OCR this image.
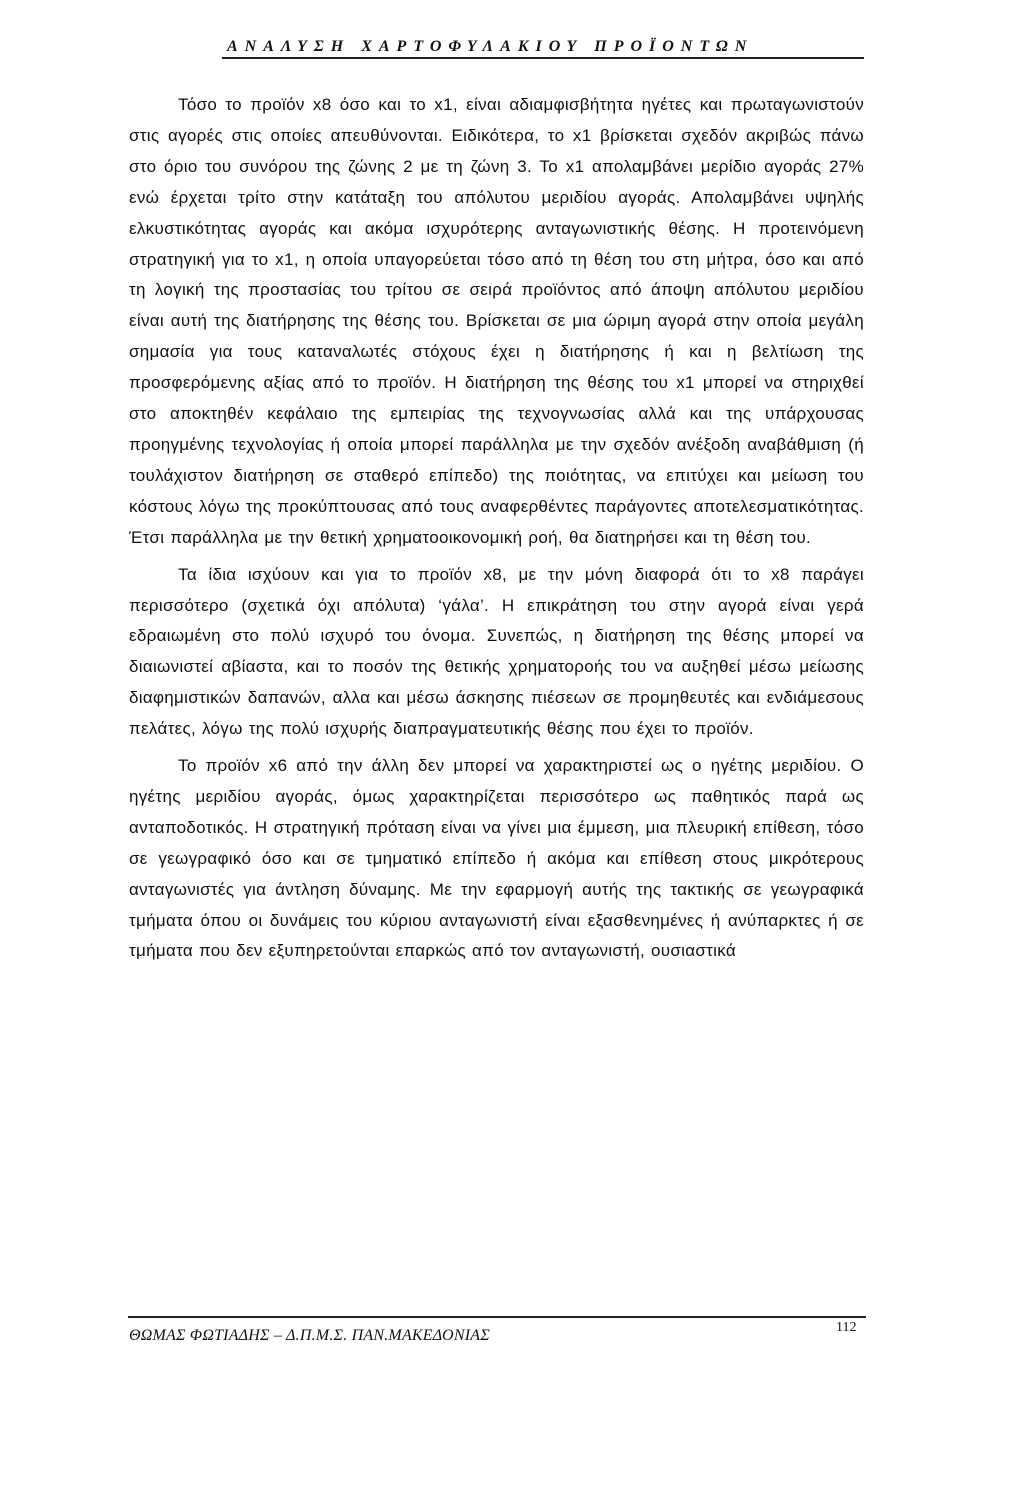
ΑΝΑΛΥΣΗ ΧΑΡΤΟΦΥΛΑΚΙΟΥ ΠΡΟΪΟΝΤΩΝ

Τόσο το προϊόν x8 όσο και το x1, είναι αδιαμφισβήτητα ηγέτες και πρωταγωνιστούν στις αγορές στις οποίες απευθύνονται. Ειδικότερα, το x1 βρίσκεται σχεδόν ακριβώς πάνω στο όριο του συνόρου της ζώνης 2 με τη ζώνη 3. Το x1 απολαμβάνει μερίδιο αγοράς 27% ενώ έρχεται τρίτο στην κατάταξη του απόλυτου μεριδίου αγοράς. Απολαμβάνει υψηλής ελκυστικότητας αγοράς και ακόμα ισχυρότερης ανταγωνιστικής θέσης. Η προτεινόμενη στρατηγική για το x1, η οποία υπαγορεύεται τόσο από τη θέση του στη μήτρα, όσο και από τη λογική της προστασίας του τρίτου σε σειρά προϊόντος από άποψη απόλυτου μεριδίου είναι αυτή της διατήρησης της θέσης του. Βρίσκεται σε μια ώριμη αγορά στην οποία μεγάλη σημασία για τους καταναλωτές στόχους έχει η διατήρησης ή και η βελτίωση της προσφερόμενης αξίας από το προϊόν. Η διατήρηση της θέσης του x1 μπορεί να στηριχθεί στο αποκτηθέν κεφάλαιο της εμπειρίας της τεχνογνωσίας αλλά και της υπάρχουσας προηγμένης τεχνολογίας ή οποία μπορεί παράλληλα με την σχεδόν ανέξοδη αναβάθμιση (ή τουλάχιστον διατήρηση σε σταθερό επίπεδο) της ποιότητας, να επιτύχει και μείωση του κόστους λόγω της προκύπτουσας από τους αναφερθέντες παράγοντες αποτελεσματικότητας. Έτσι παράλληλα με την θετική χρηματοοικονομική ροή, θα διατηρήσει και τη θέση του.

Τα ίδια ισχύουν και για το προϊόν x8, με την μόνη διαφορά ότι το x8 παράγει περισσότερο (σχετικά όχι απόλυτα) ‘γάλα’. Η επικράτηση του στην αγορά είναι γερά εδραιωμένη στο πολύ ισχυρό του όνομα. Συνεπώς, η διατήρηση της θέσης μπορεί να διαιωνιστεί αβίαστα, και το ποσόν της θετικής χρηματοροής του να αυξηθεί μέσω μείωσης διαφημιστικών δαπανών, αλλα και μέσω άσκησης πιέσεων σε προμηθευτές και ενδιάμεσους πελάτες, λόγω της πολύ ισχυρής διαπραγματευτικής θέσης που έχει το προϊόν.

Το προϊόν x6 από την άλλη δεν μπορεί να χαρακτηριστεί ως ο ηγέτης μεριδίου. Ο ηγέτης μεριδίου αγοράς, όμως χαρακτηρίζεται περισσότερο ως παθητικός παρά ως ανταποδοτικός. Η στρατηγική πρόταση είναι να γίνει μια έμμεση, μια πλευρική επίθεση, τόσο σε γεωγραφικό όσο και σε τμηματικό επίπεδο ή ακόμα και επίθεση στους μικρότερους ανταγωνιστές για άντληση δύναμης. Με την εφαρμογή αυτής της τακτικής σε γεωγραφικά τμήματα όπου οι δυνάμεις του κύριου ανταγωνιστή είναι εξασθενημένες ή ανύπαρκτες ή σε τμήματα που δεν εξυπηρετούνται επαρκώς από τον ανταγωνιστή, ουσιαστικά

ΘΩΜΑΣ ΦΩΤΙΑΔΗΣ – Δ.Π.Μ.Σ. ΠΑΝ.ΜΑΚΕΔΟΝΙΑΣ	112
